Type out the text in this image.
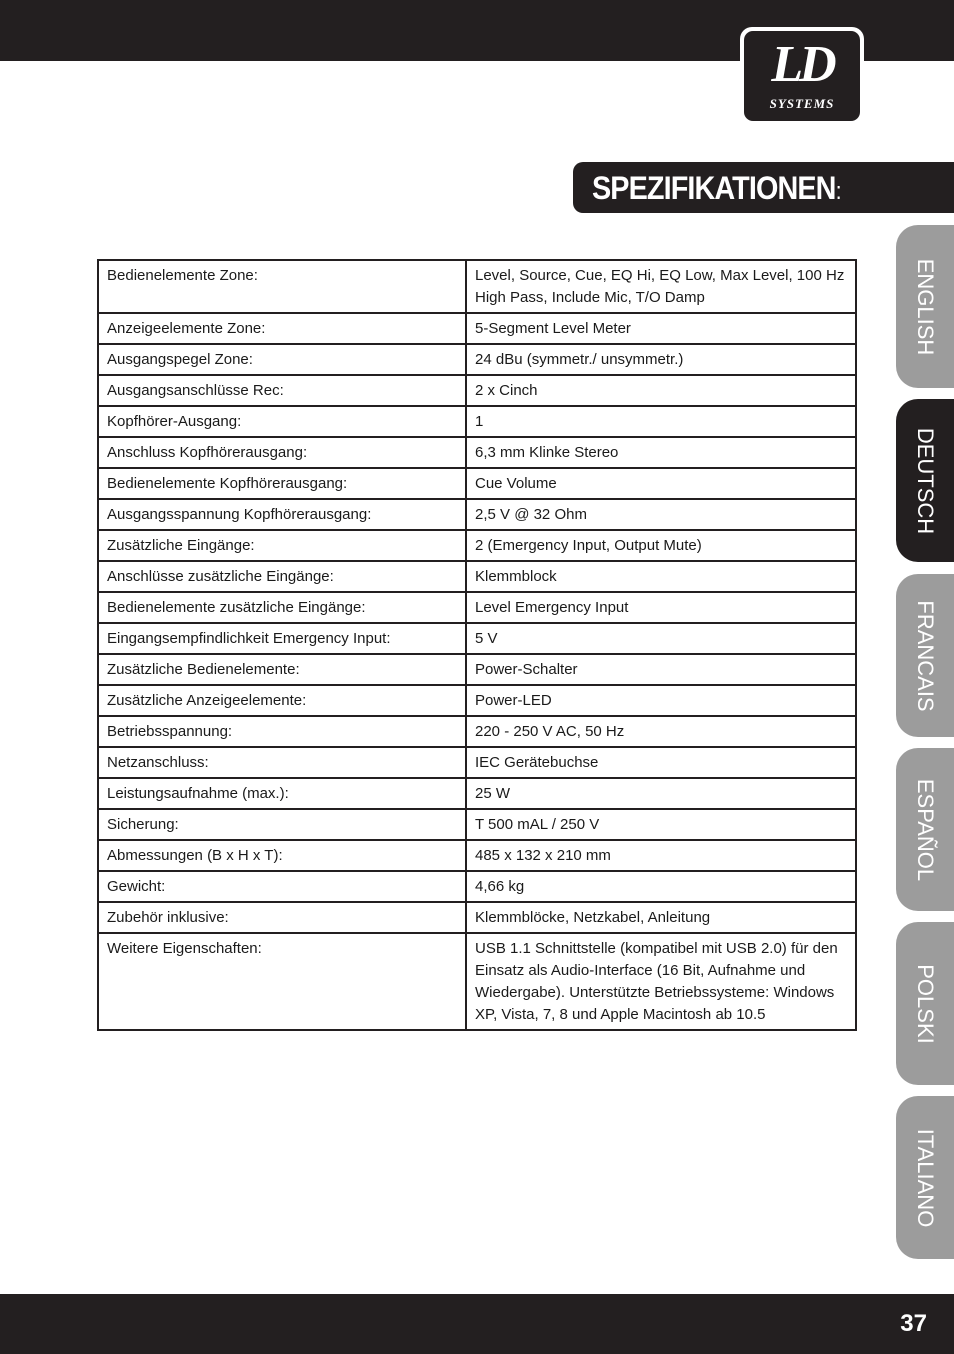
LD
SYSTEMS
SPEZIFIKATIONEN:
Bedienelemente Zone:	Level, Source, Cue, EQ Hi, EQ Low, Max Level, 100 Hz High Pass, Include Mic, T/O Damp
Anzeigeelemente Zone:	5-Segment Level Meter
Ausgangspegel Zone:	24 dBu (symmetr./ unsymmetr.)
Ausgangsanschlüsse Rec:	2 x Cinch
Kopfhörer-Ausgang:	1
Anschluss Kopfhörerausgang:	6,3 mm Klinke Stereo
Bedienelemente Kopfhörerausgang:	Cue Volume
Ausgangsspannung Kopfhörerausgang:	2,5 V @ 32 Ohm
Zusätzliche Eingänge:	2 (Emergency Input, Output Mute)
Anschlüsse zusätzliche Eingänge:	Klemmblock
Bedienelemente zusätzliche Eingänge:	Level Emergency Input
Eingangsempfindlichkeit Emergency Input:	5 V
Zusätzliche Bedienelemente:	Power-Schalter
Zusätzliche Anzeigeelemente:	Power-LED
Betriebsspannung:	220 - 250 V AC, 50 Hz
Netzanschluss:	IEC Gerätebuchse
Leistungsaufnahme (max.):	25 W
Sicherung:	T 500 mAL / 250 V
Abmessungen (B x H x T):	485 x 132 x 210 mm
Gewicht:	4,66 kg
Zubehör inklusive:	Klemmblöcke, Netzkabel, Anleitung
Weitere Eigenschaften:	USB 1.1 Schnittstelle (kompatibel mit USB 2.0) für den Einsatz als Audio-Interface (16 Bit, Aufnahme und Wiedergabe). Unterstützte Betriebssysteme: Windows XP, Vista, 7, 8 und Apple Macintosh ab 10.5
ENGLISH
DEUTSCH
FRANCAIS
ESPAÑOL
POLSKI
ITALIANO
37
